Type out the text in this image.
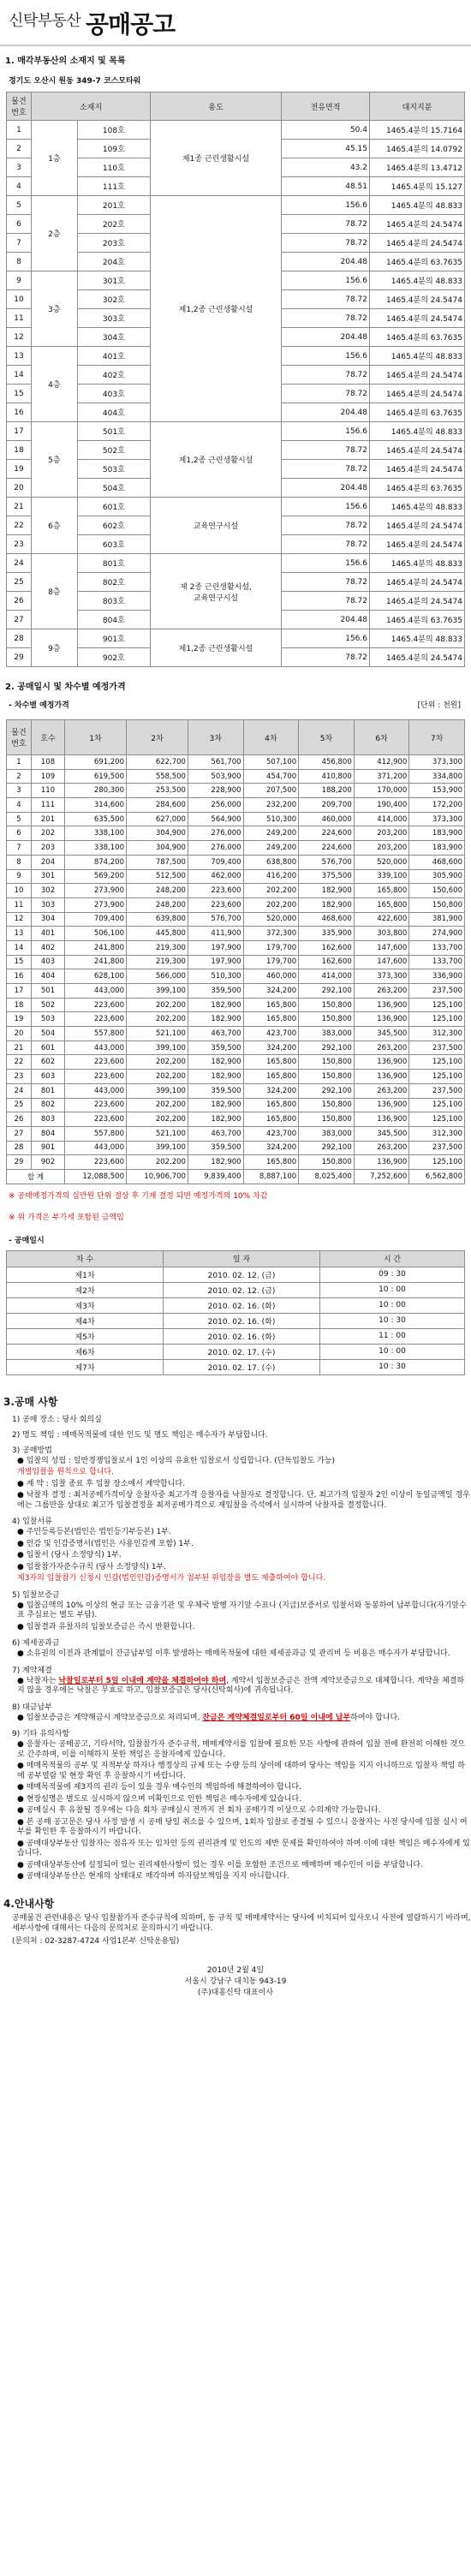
신탁부동산 공매공고
1. 매각부동산의 소재지 및 목록
경기도 오산시 원동 349-7 코스모타워
물건번호	소재지		용도	전유면적	대지지분
1	1층	108호	제1종 근린생활시설	50.4	1465.4분의 15.7164
2		109호		45.15	1465.4분의 14.0792
3		110호		43.2	1465.4분의 13.4712
4		111호		48.51	1465.4분의 15.127
5	2층	201호	제1,2종 근린생활시설	156.6	1465.4분의 48.833
6		202호		78.72	1465.4분의 24.5474
7		203호		78.72	1465.4분의 24.5474
8		204호		204.48	1465.4분의 63.7635
9	3층	301호		156.6	1465.4분의 48.833
10		302호		78.72	1465.4분의 24.5474
11		303호		78.72	1465.4분의 24.5474
12		304호		204.48	1465.4분의 63.7635
13	4층	401호		156.6	1465.4분의 48.833
14		402호		78.72	1465.4분의 24.5474
15		403호		78.72	1465.4분의 24.5474
16		404호		204.48	1465.4분의 63.7635
17	5층	501호	제1,2종 근린생활시설	156.6	1465.4분의 48.833
18		502호		78.72	1465.4분의 24.5474
19		503호		78.72	1465.4분의 24.5474
20		504호		204.48	1465.4분의 63.7635
21	6층	601호	교육연구시설	156.6	1465.4분의 48.833
22		602호		78.72	1465.4분의 24.5474
23		603호		78.72	1465.4분의 24.5474
24	8층	801호	제 2종 근린생활시설,
교육연구시설	156.6	1465.4분의 48.833
25		802호		78.72	1465.4분의 24.5474
26		803호		78.72	1465.4분의 24.5474
27		804호		204.48	1465.4분의 63.7635
28	9층	901호	제1,2종 근린생활시설	156.6	1465.4분의 48.833
29		902호		78.72	1465.4분의 24.5474
2. 공매일시 및 차수별 예정가격
- 차수별 예정가격	[단위 : 천원]
물건번호	호수	1차	2차	3차	4차	5차	6차	7차
1	108	691,200	622,700	561,700	507,100	456,800	412,900	373,300
2	109	619,500	558,500	503,900	454,700	410,800	371,200	334,800
3	110	280,300	253,500	228,900	207,500	188,200	170,000	153,900
4	111	314,600	284,600	256,000	232,200	209,700	190,400	172,200
5	201	635,500	627,000	564,900	510,300	460,000	414,000	373,300
6	202	338,100	304,900	276,000	249,200	224,600	203,200	183,900
7	203	338,100	304,900	276,000	249,200	224,600	203,200	183,900
8	204	874,200	787,500	709,400	638,800	576,700	520,000	468,600
9	301	569,200	512,500	462,000	416,200	375,500	339,100	305,900
10	302	273,900	248,200	223,600	202,200	182,900	165,800	150,600
11	303	273,900	248,200	223,600	202,200	182,900	165,800	150,800
12	304	709,400	639,800	576,700	520,000	468,600	422,600	381,900
13	401	506,100	445,800	411,900	372,300	335,900	303,800	274,900
14	402	241,800	219,300	197,900	179,700	162,600	147,600	133,700
15	403	241,800	219,300	197,900	179,700	162,600	147,600	133,700
16	404	628,100	566,000	510,300	460,000	414,000	373,300	336,900
17	501	443,000	399,100	359,500	324,200	292,100	263,200	237,500
18	502	223,600	202,200	182,900	165,800	150,800	136,900	125,100
19	503	223,600	202,200	182,900	165,800	150,800	136,900	125,100
20	504	557,800	521,100	463,700	423,700	383,000	345,500	312,300
21	601	443,000	399,100	359,500	324,200	292,100	263,200	237,500
22	602	223,600	202,200	182,900	165,800	150,800	136,900	125,100
23	603	223,600	202,200	182,900	165,800	150,800	136,900	125,100
24	801	443,000	399,100	359,500	324,200	292,100	263,200	237,500
25	802	223,600	202,200	182,900	165,800	150,800	136,900	125,100
26	803	223,600	202,200	182,900	165,800	150,800	136,900	125,100
27	804	557,800	521,100	463,700	423,700	383,000	345,500	312,300
28	901	443,000	399,100	359,500	324,200	292,100	263,200	237,500
29	902	223,600	202,200	182,900	165,800	150,800	136,900	125,100
합 계		12,088,500	10,906,700	9,839,400	8,887,100	8,025,400	7,252,600	6,562,800
※ 공매예정가격의 십만원 단위 절상 후 기재 결정 되면 예정가격의 10% 차감
※ 위 가격은 부가세 포함된 금액임
- 공매일시
차 수	일 자	시 간
제1차	2010. 02. 12. (금)	09 : 30
제2차	2010. 02. 12. (금)	10 : 00
제3차	2010. 02. 16. (화)	10 : 00
제4차	2010. 02. 16. (화)	10 : 30
제5차	2010. 02. 16. (화)	11 : 00
제6차	2010. 02. 17. (수)	10 : 00
제7차	2010. 02. 17. (수)	10 : 30
3.공매 사항
1) 공매 장소 : 당사 회의실
2) 명도 책임 : 매매목적물에 대한 인도 및 명도 책임은 매수자가 부담합니다.
3) 공매방법
● 입찰의 성립 : 일반경쟁입찰로서 1인 이상의 유효한 입찰로서 성립합니다. (단독입찰도 가능)
개별입찰을 원칙으로 합니다.
● 계 약 : 입찰 종료 후 입찰 장소에서 계약합니다.
● 낙찰자 결정 : 최저공매가격이상 응찰자중 최고가격 응찰자를 낙찰자로 결정합니다. 단, 최고가격 입찰자 2인 이상이 동일금액일 경우에는 그룹만을 상대로 최고가 입찰결정을 최저공매가격으로 재입찰을 즉석에서 실시하여 낙찰자를 결정합니다.
4) 입찰서류
● 주민등록등본(법인은 법인등기부등본) 1부.
● 인감 및 인감증명서(법인은 사용인감계 포함) 1부.
● 입찰서 (당사 소정양식) 1부.
● 입찰참가자준수규칙 (당사 소정양식) 1부.
제3자의 입찰참가 신청시 인감(법인인감)증명서가 첨부된 위임장을 별도 제출하여야 합니다.
5) 입찰보증금
● 입찰금액의 10% 이상의 현금 또는 금융기관 및 우체국 발행 자기앞 수표나 (지급)보증서로 입찰서와 동봉하여 납부합니다(자기앞수표 추심료는 별도 부담).
● 입찰결과 유찰자의 입찰보증금은 즉시 반환합니다.
6) 제세공과금
● 소유권의 이전과 관계없이 잔금납부일 이후 발생하는 매매목적물에 대한 제세공과금 및 관리비 등 비용은 매수자가 부담합니다.
7) 계약체결
● 낙찰자는 낙찰일로부터 5일 이내에 계약을 체결하여야 하며, 계약서 입찰보증금은 잔액 계약보증금으로 대체합니다. 계약을 체결하지 않을 경우에는 낙찰은 무효로 하고, 입찰보증금은 당사(신탁회사)에 귀속됩니다.
8) 대금납부
● 입찰보증금은 계약해금시 계약보증금으로 처리되며, 잔금은 계약체결일로부터 60일 이내에 납부하여야 합니다.
9) 기타 유의사항
● 응찰자는 공매공고, 기타서약, 입찰참가자 준수규칙, 매매계약서를 입찰에 필요한 모든 사항에 관하여 입찰 전에 완전히 이해한 것으로 간주하며, 이를 이해하지 못한 책임은 응찰자에게 있습니다.
● 매매목적물의 공부 및 지적부상 하자나 행정상의 규제 또는 수량 등의 상이에 대하여 당사는 책임을 지지 아니하므로 입찰자 책임 하에 공부열람 및 현장 확인 후 응찰하시기 바랍니다.
● 매매목적물에 제3자의 권리 등이 있을 경우 매수인의 책임하에 해결하여야 합니다.
● 현장설명은 별도로 실시하지 않으며 미확인으로 인한 책임은 매수자에게 있습니다.
● 공매실시 후 유찰될 경우에는 다음 회차 공매실시 전까지 전 회차 공매가격 이상으로 수의계약 가능합니다.
● 본 공매 공고문은 당사 사정 발생 시 공매 당일 취소를 수 있으며, 1회차 입찰로 종결될 수 있으니 응찰자는 사전 당사에 입찰 실시 여부를 확인한 후 응찰하시기 바랍니다.
● 공매대상부동산 입찰자는 점유자 또는 임차인 등의 권리관계 및 인도의 제반 문제를 확인하여야 하며 이에 대한 책임은 매수자에게 있습니다.
● 공매대상부동산에 설정되어 있는 권리제한사항이 있는 경우 이를 포함한 조건으로 매매하며 매수인이 이를 부담합니다.
● 공매대상부동산은 현재의 상태대로 매각하며 하자담보책임을 지지 아니합니다.
4.안내사항
공매물건 관련내용은 당사 입찰참가자 준수규칙에 의하며, 동 규칙 및 매매계약서는 당사에 비치되어 있사오니 사전에 열람하시기 바라며, 세부사항에 대해서는 다음의 문의처로 문의하시기 바랍니다.
(문의처 : 02-3287-4724 사업1본부 신탁운용팀)
2010년 2월 4일
서울시 강남구 대치동 943-19
(주)대홍신탁 대표이사
